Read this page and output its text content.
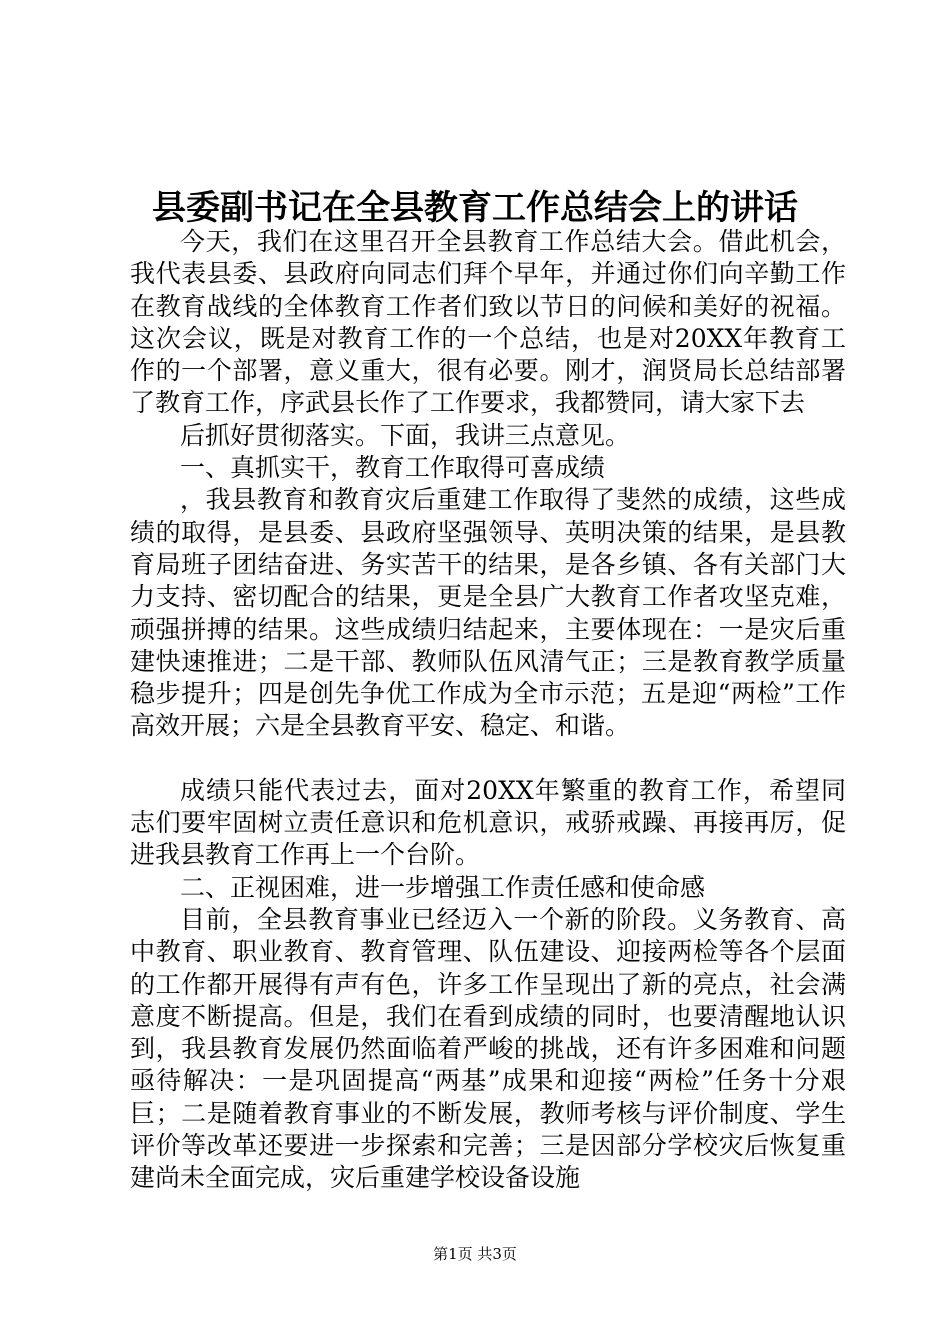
县委副书记在全县教育工作总结会上的讲话

今天，我们在这里召开全县教育工作总结大会。借此机会，我代表县委、县政府向同志们拜个早年，并通过你们向辛勤工作在教育战线的全体教育工作者们致以节日的问候和美好的祝福。这次会议，既是对教育工作的一个总结，也是对20XX年教育工作的一个部署，意义重大，很有必要。刚才，润贤局长总结部署了教育工作，序武县长作了工作要求，我都赞同，请大家下去

后抓好贯彻落实。下面，我讲三点意见。

一、真抓实干，教育工作取得可喜成绩

，我县教育和教育灾后重建工作取得了斐然的成绩，这些成绩的取得，是县委、县政府坚强领导、英明决策的结果，是县教育局班子团结奋进、务实苦干的结果，是各乡镇、各有关部门大力支持、密切配合的结果，更是全县广大教育工作者攻坚克难，顽强拼搏的结果。这些成绩归结起来，主要体现在：一是灾后重建快速推进；二是干部、教师队伍风清气正；三是教育教学质量稳步提升；四是创先争优工作成为全市示范；五是迎“两检”工作高效开展；六是全县教育平安、稳定、和谐。

成绩只能代表过去，面对20XX年繁重的教育工作，希望同志们要牢固树立责任意识和危机意识，戒骄戒躁、再接再厉，促进我县教育工作再上一个台阶。

二、正视困难，进一步增强工作责任感和使命感

目前，全县教育事业已经迈入一个新的阶段。义务教育、高中教育、职业教育、教育管理、队伍建设、迎接两检等各个层面的工作都开展得有声有色，许多工作呈现出了新的亮点，社会满意度不断提高。但是，我们在看到成绩的同时，也要清醒地认识到，我县教育发展仍然面临着严峻的挑战，还有许多困难和问题亟待解决：一是巩固提高“两基”成果和迎接“两检”任务十分艰巨；二是随着教育事业的不断发展，教师考核与评价制度、学生评价等改革还要进一步探索和完善；三是因部分学校灾后恢复重建尚未全面完成，灾后重建学校设备设施

第1页 共3页
